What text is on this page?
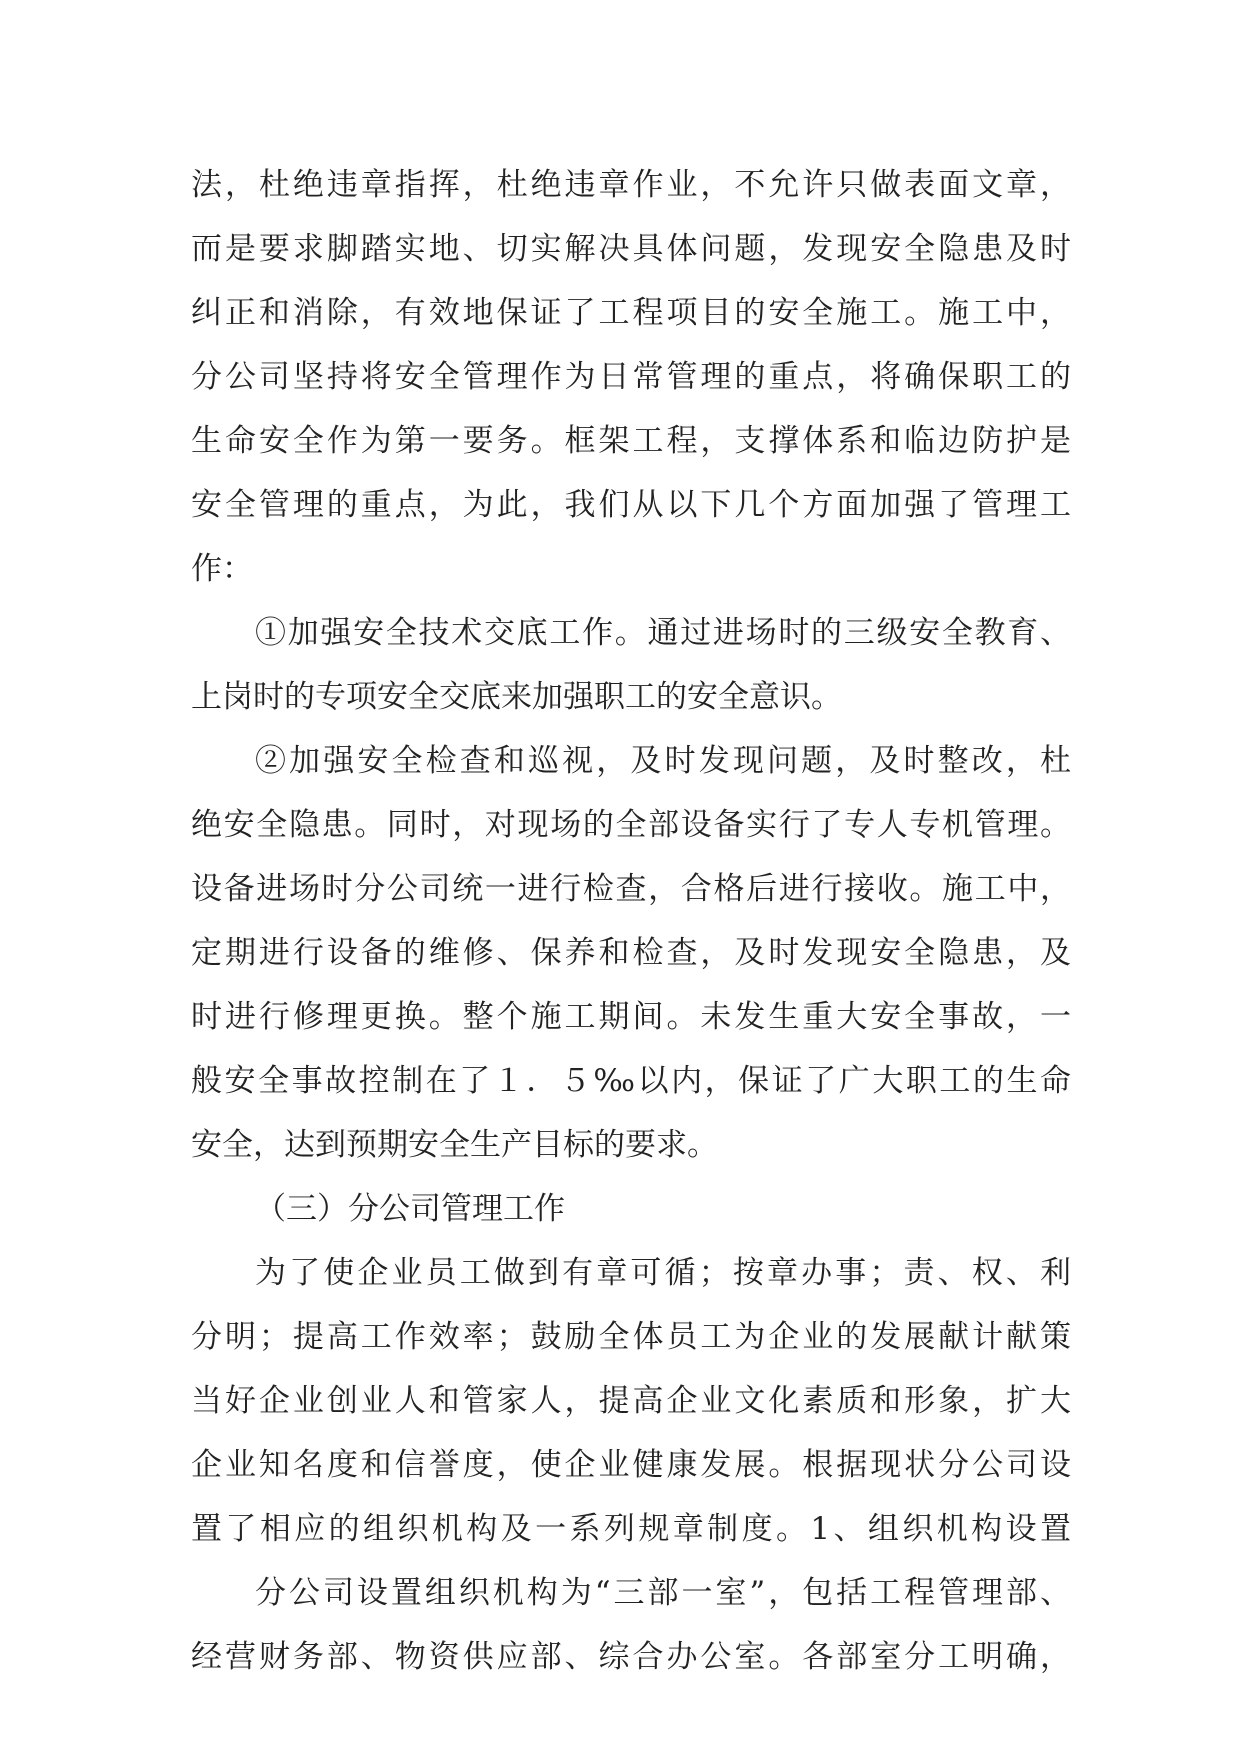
法，杜绝违章指挥，杜绝违章作业，不允许只做表面文章，
而是要求脚踏实地、切实解决具体问题，发现安全隐患及时
纠正和消除，有效地保证了工程项目的安全施工。施工中，
分公司坚持将安全管理作为日常管理的重点，将确保职工的
生命安全作为第一要务。框架工程，支撑体系和临边防护是
安全管理的重点，为此，我们从以下几个方面加强了管理工
作：
①加强安全技术交底工作。通过进场时的三级安全教育、
上岗时的专项安全交底来加强职工的安全意识。
②加强安全检查和巡视，及时发现问题，及时整改，杜
绝安全隐患。同时，对现场的全部设备实行了专人专机管理。
设备进场时分公司统一进行检查，合格后进行接收。施工中，
定期进行设备的维修、保养和检查，及时发现安全隐患，及
时进行修理更换。整个施工期间。未发生重大安全事故，一
般安全事故控制在了１．５‰以内，保证了广大职工的生命
安全，达到预期安全生产目标的要求。
（三）分公司管理工作
为了使企业员工做到有章可循；按章办事；责、权、利
分明；提高工作效率；鼓励全体员工为企业的发展献计献策
当好企业创业人和管家人，提高企业文化素质和形象，扩大
企业知名度和信誉度，使企业健康发展。根据现状分公司设
置了相应的组织机构及一系列规章制度。1、组织机构设置
分公司设置组织机构为“三部一室”，包括工程管理部、
经营财务部、物资供应部、综合办公室。各部室分工明确，
